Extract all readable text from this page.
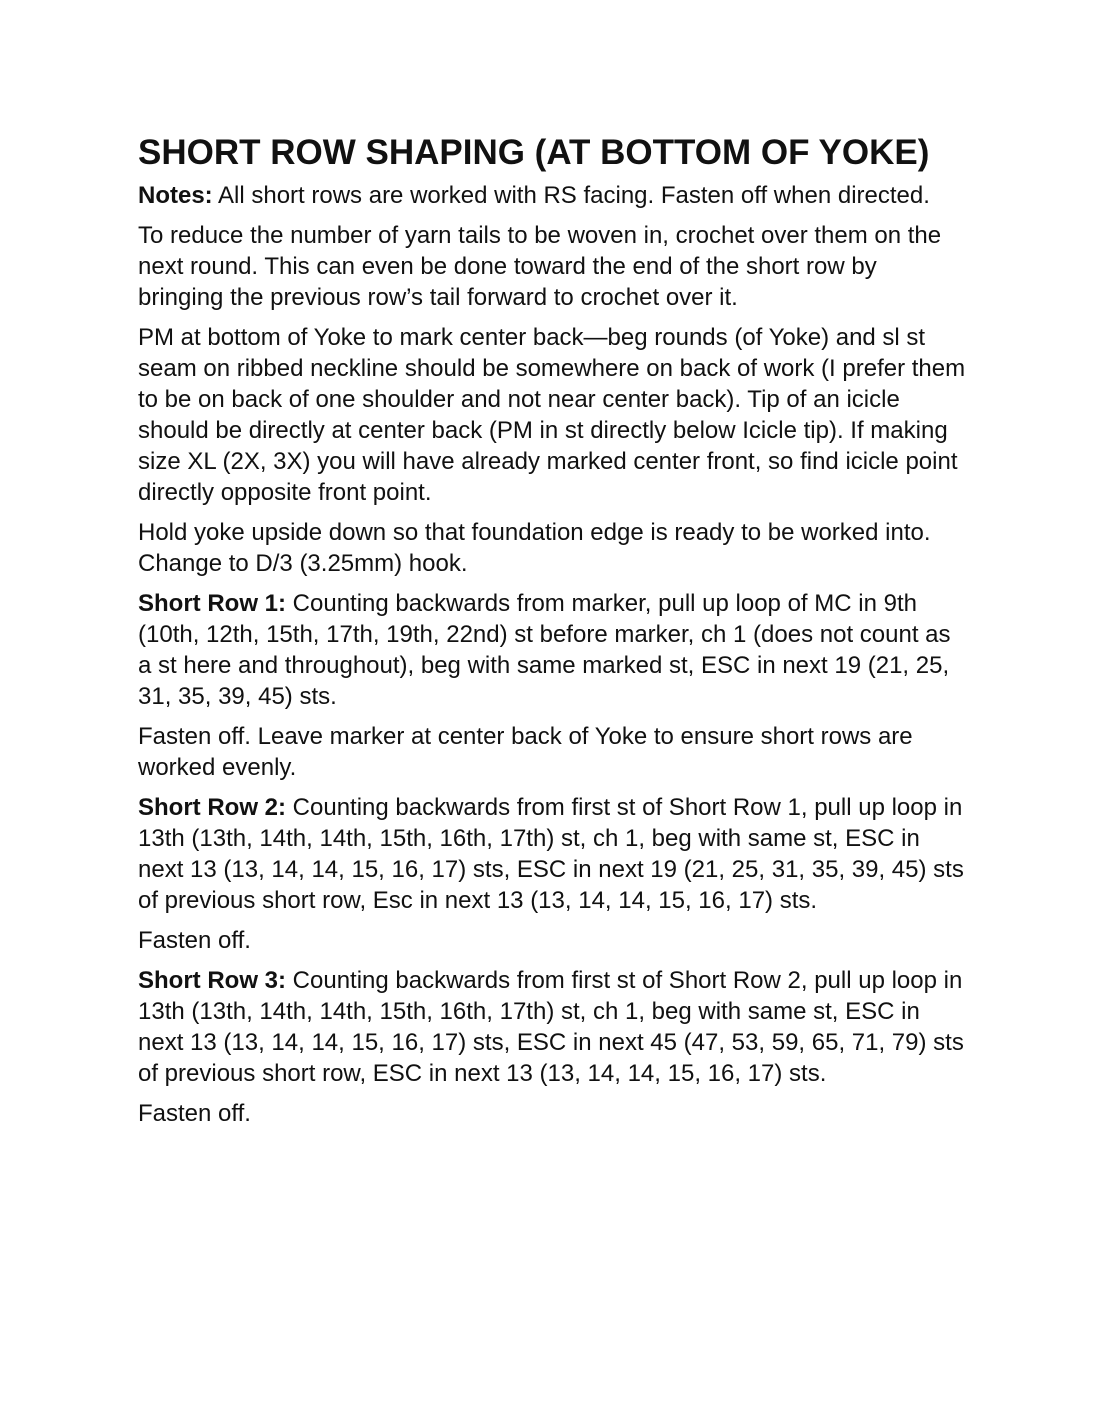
SHORT ROW SHAPING (AT BOTTOM OF YOKE)

Notes: All short rows are worked with RS facing. Fasten off when directed.

To reduce the number of yarn tails to be woven in, crochet over them on the next round. This can even be done toward the end of the short row by bringing the previous row’s tail forward to crochet over it.

PM at bottom of Yoke to mark center back—beg rounds (of Yoke) and sl st seam on ribbed neckline should be somewhere on back of work (I prefer them to be on back of one shoulder and not near center back). Tip of an icicle should be directly at center back (PM in st directly below Icicle tip). If making size XL (2X, 3X) you will have already marked center front, so find icicle point directly opposite front point.

Hold yoke upside down so that foundation edge is ready to be worked into. Change to D/3 (3.25mm) hook.

Short Row 1: Counting backwards from marker, pull up loop of MC in 9th (10th, 12th, 15th, 17th, 19th, 22nd) st before marker, ch 1 (does not count as a st here and throughout), beg with same marked st, ESC in next 19 (21, 25, 31, 35, 39, 45) sts.

Fasten off. Leave marker at center back of Yoke to ensure short rows are worked evenly.

Short Row 2: Counting backwards from first st of Short Row 1, pull up loop in 13th (13th, 14th, 14th, 15th, 16th, 17th) st, ch 1, beg with same st, ESC in next 13 (13, 14, 14, 15, 16, 17) sts, ESC in next 19 (21, 25, 31, 35, 39, 45) sts of previous short row, Esc in next 13 (13, 14, 14, 15, 16, 17) sts.

Fasten off.

Short Row 3: Counting backwards from first st of Short Row 2, pull up loop in 13th (13th, 14th, 14th, 15th, 16th, 17th) st, ch 1, beg with same st, ESC in next 13 (13, 14, 14, 15, 16, 17) sts, ESC in next 45 (47, 53, 59, 65, 71, 79) sts of previous short row, ESC in next 13 (13, 14, 14, 15, 16, 17) sts.

Fasten off.
